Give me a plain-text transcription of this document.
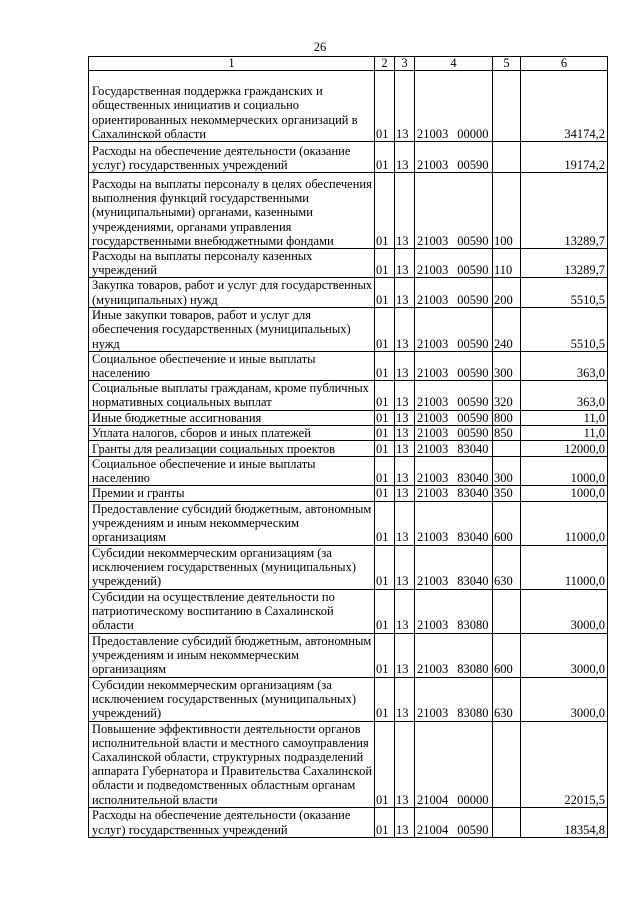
26
1	2	3	4	5	6
Государственная поддержка гражданских и общественных инициатив и социально ориентированных некоммерческих организаций в Сахалинской области	01	13	21003 00000		34174,2
Расходы на обеспечение деятельности (оказание услуг) государственных учреждений	01	13	21003 00590		19174,2
Расходы на выплаты персоналу в целях обеспечения выполнения функций государственными (муниципальными) органами, казенными учреждениями, органами управления государственными внебюджетными фондами	01	13	21003 00590	100	13289,7
Расходы на выплаты персоналу казенных учреждений	01	13	21003 00590	110	13289,7
Закупка товаров, работ и услуг для государственных (муниципальных) нужд	01	13	21003 00590	200	5510,5
Иные закупки товаров, работ и услуг для обеспечения государственных (муниципальных) нужд	01	13	21003 00590	240	5510,5
Социальное обеспечение и иные выплаты населению	01	13	21003 00590	300	363,0
Социальные выплаты гражданам, кроме публичных нормативных социальных выплат	01	13	21003 00590	320	363,0
Иные бюджетные ассигнования	01	13	21003 00590	800	11,0
Уплата налогов, сборов и иных платежей	01	13	21003 00590	850	11,0
Гранты для реализации социальных проектов	01	13	21003 83040		12000,0
Социальное обеспечение и иные выплаты населению	01	13	21003 83040	300	1000,0
Премии и гранты	01	13	21003 83040	350	1000,0
Предоставление субсидий бюджетным, автономным учреждениям и иным некоммерческим организациям	01	13	21003 83040	600	11000,0
Субсидии некоммерческим организациям (за исключением государственных (муниципальных) учреждений)	01	13	21003 83040	630	11000,0
Субсидии на осуществление деятельности по патриотическому воспитанию в Сахалинской области	01	13	21003 83080		3000,0
Предоставление субсидий бюджетным, автономным учреждениям и иным некоммерческим организациям	01	13	21003 83080	600	3000,0
Субсидии некоммерческим организациям (за исключением государственных (муниципальных) учреждений)	01	13	21003 83080	630	3000,0
Повышение эффективности деятельности органов исполнительной власти и местного самоуправления Сахалинской области, структурных подразделений аппарата Губернатора и Правительства Сахалинской области и подведомственных областным органам исполнительной власти	01	13	21004 00000		22015,5
Расходы на обеспечение деятельности (оказание услуг) государственных учреждений	01	13	21004 00590		18354,8
